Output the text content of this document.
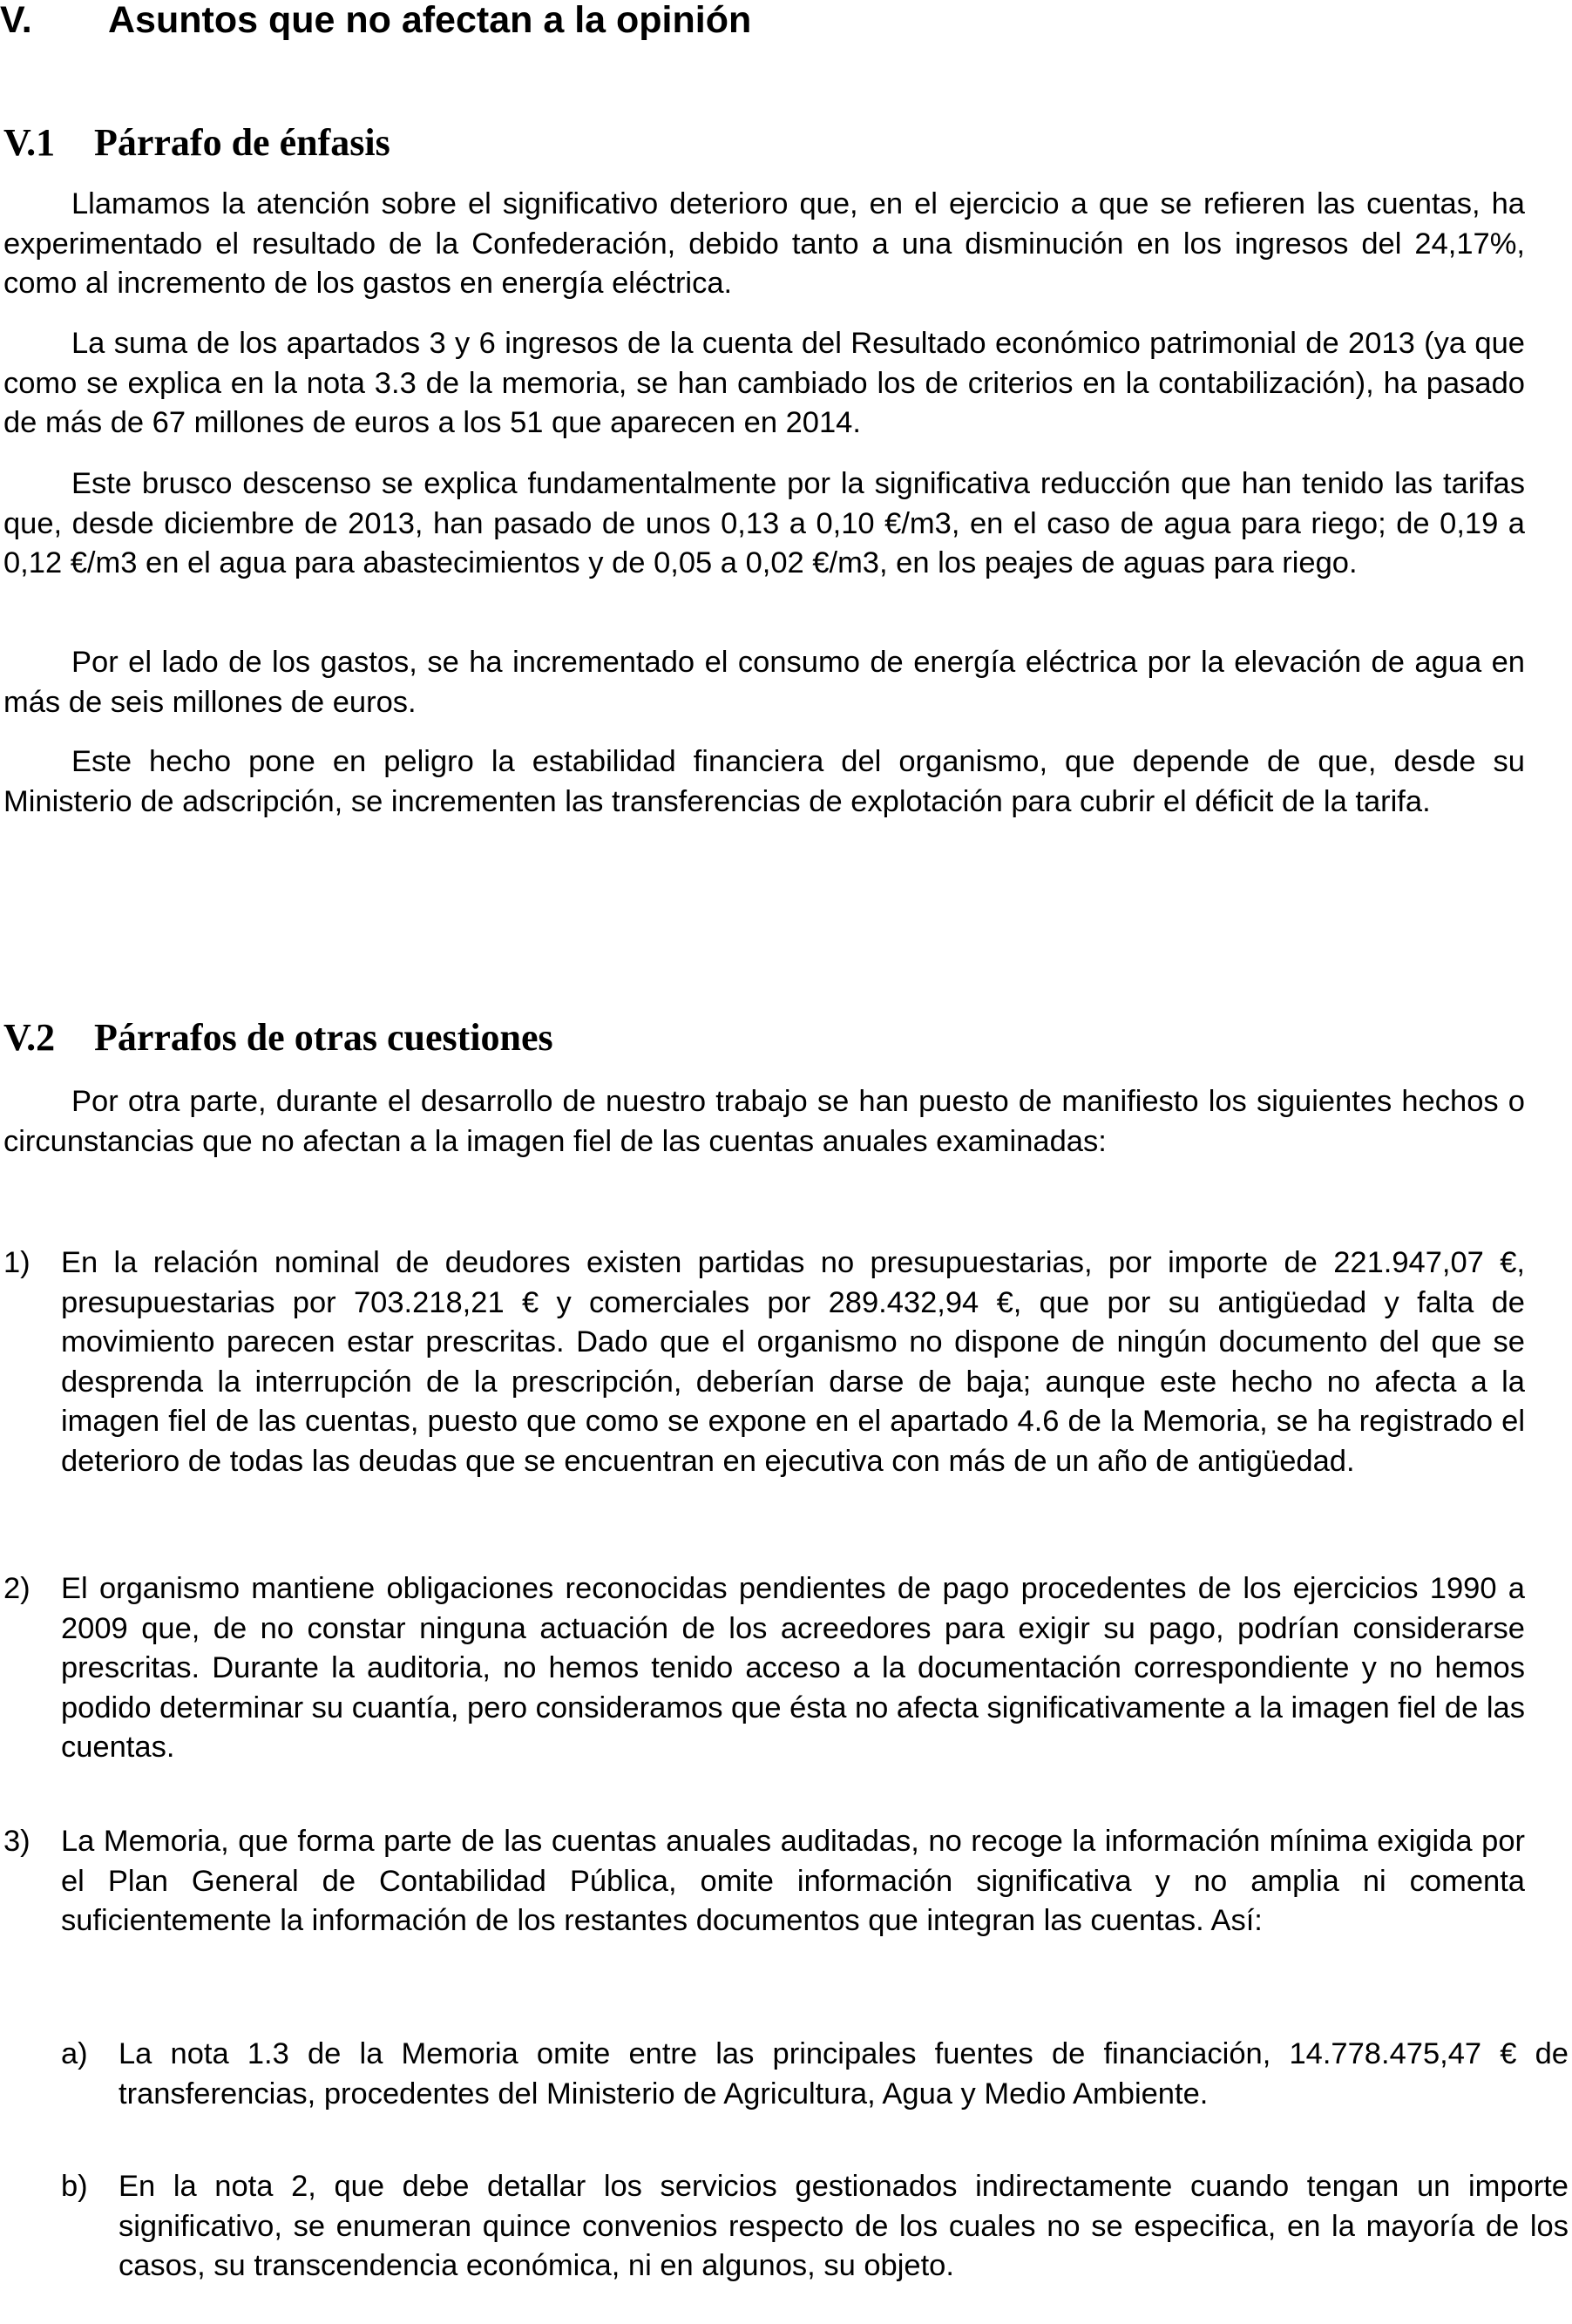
V. Asuntos que no afectan a la opinión
V.1 Párrafo de énfasis

Llamamos la atención sobre el significativo deterioro que, en el ejercicio a que se refieren las cuentas, ha experimentado el resultado de la Confederación, debido tanto a una disminución en los ingresos del 24,17%, como al incremento de los gastos en energía eléctrica.

La suma de los apartados 3 y 6 ingresos de la cuenta del Resultado económico patrimonial de 2013 (ya que como se explica en la nota 3.3 de la memoria, se han cambiado los de criterios en la contabilización), ha pasado de más de 67 millones de euros a los 51 que aparecen en 2014.

Este brusco descenso se explica fundamentalmente por la significativa reducción que han tenido las tarifas que, desde diciembre de 2013, han pasado de unos 0,13 a 0,10 €/m3, en el caso de agua para riego; de 0,19 a 0,12 €/m3 en el agua para abastecimientos y de 0,05 a 0,02 €/m3, en los peajes de aguas para riego.

Por el lado de los gastos, se ha incrementado el consumo de energía eléctrica por la elevación de agua en más de seis millones de euros.

Este hecho pone en peligro la estabilidad financiera del organismo, que depende de que, desde su Ministerio de adscripción, se incrementen las transferencias de explotación para cubrir el déficit de la tarifa.

V.2 Párrafos de otras cuestiones

Por otra parte, durante el desarrollo de nuestro trabajo se han puesto de manifiesto los siguientes hechos o circunstancias que no afectan a la imagen fiel de las cuentas anuales examinadas:

1) En la relación nominal de deudores existen partidas no presupuestarias, por importe de 221.947,07 €, presupuestarias por 703.218,21 € y comerciales por 289.432,94 €, que por su antigüedad y falta de movimiento parecen estar prescritas. Dado que el organismo no dispone de ningún documento del que se desprenda la interrupción de la prescripción, deberían darse de baja; aunque este hecho no afecta a la imagen fiel de las cuentas, puesto que como se expone en el apartado 4.6 de la Memoria, se ha registrado el deterioro de todas las deudas que se encuentran en ejecutiva con más de un año de antigüedad.

2) El organismo mantiene obligaciones reconocidas pendientes de pago procedentes de los ejercicios 1990 a 2009 que, de no constar ninguna actuación de los acreedores para exigir su pago, podrían considerarse prescritas. Durante la auditoria, no hemos tenido acceso a la documentación correspondiente y no hemos podido determinar su cuantía, pero consideramos que ésta no afecta significativamente a la imagen fiel de las cuentas.

3) La Memoria, que forma parte de las cuentas anuales auditadas, no recoge la información mínima exigida por el Plan General de Contabilidad Pública, omite información significativa y no amplia ni comenta suficientemente la información de los restantes documentos que integran las cuentas. Así:

a) La nota 1.3 de la Memoria omite entre las principales fuentes de financiación, 14.778.475,47 € de transferencias, procedentes del Ministerio de Agricultura, Agua y Medio Ambiente.

b) En la nota 2, que debe detallar los servicios gestionados indirectamente cuando tengan un importe significativo, se enumeran quince convenios respecto de los cuales no se especifica, en la mayoría de los casos, su transcendencia económica, ni en algunos, su objeto.
